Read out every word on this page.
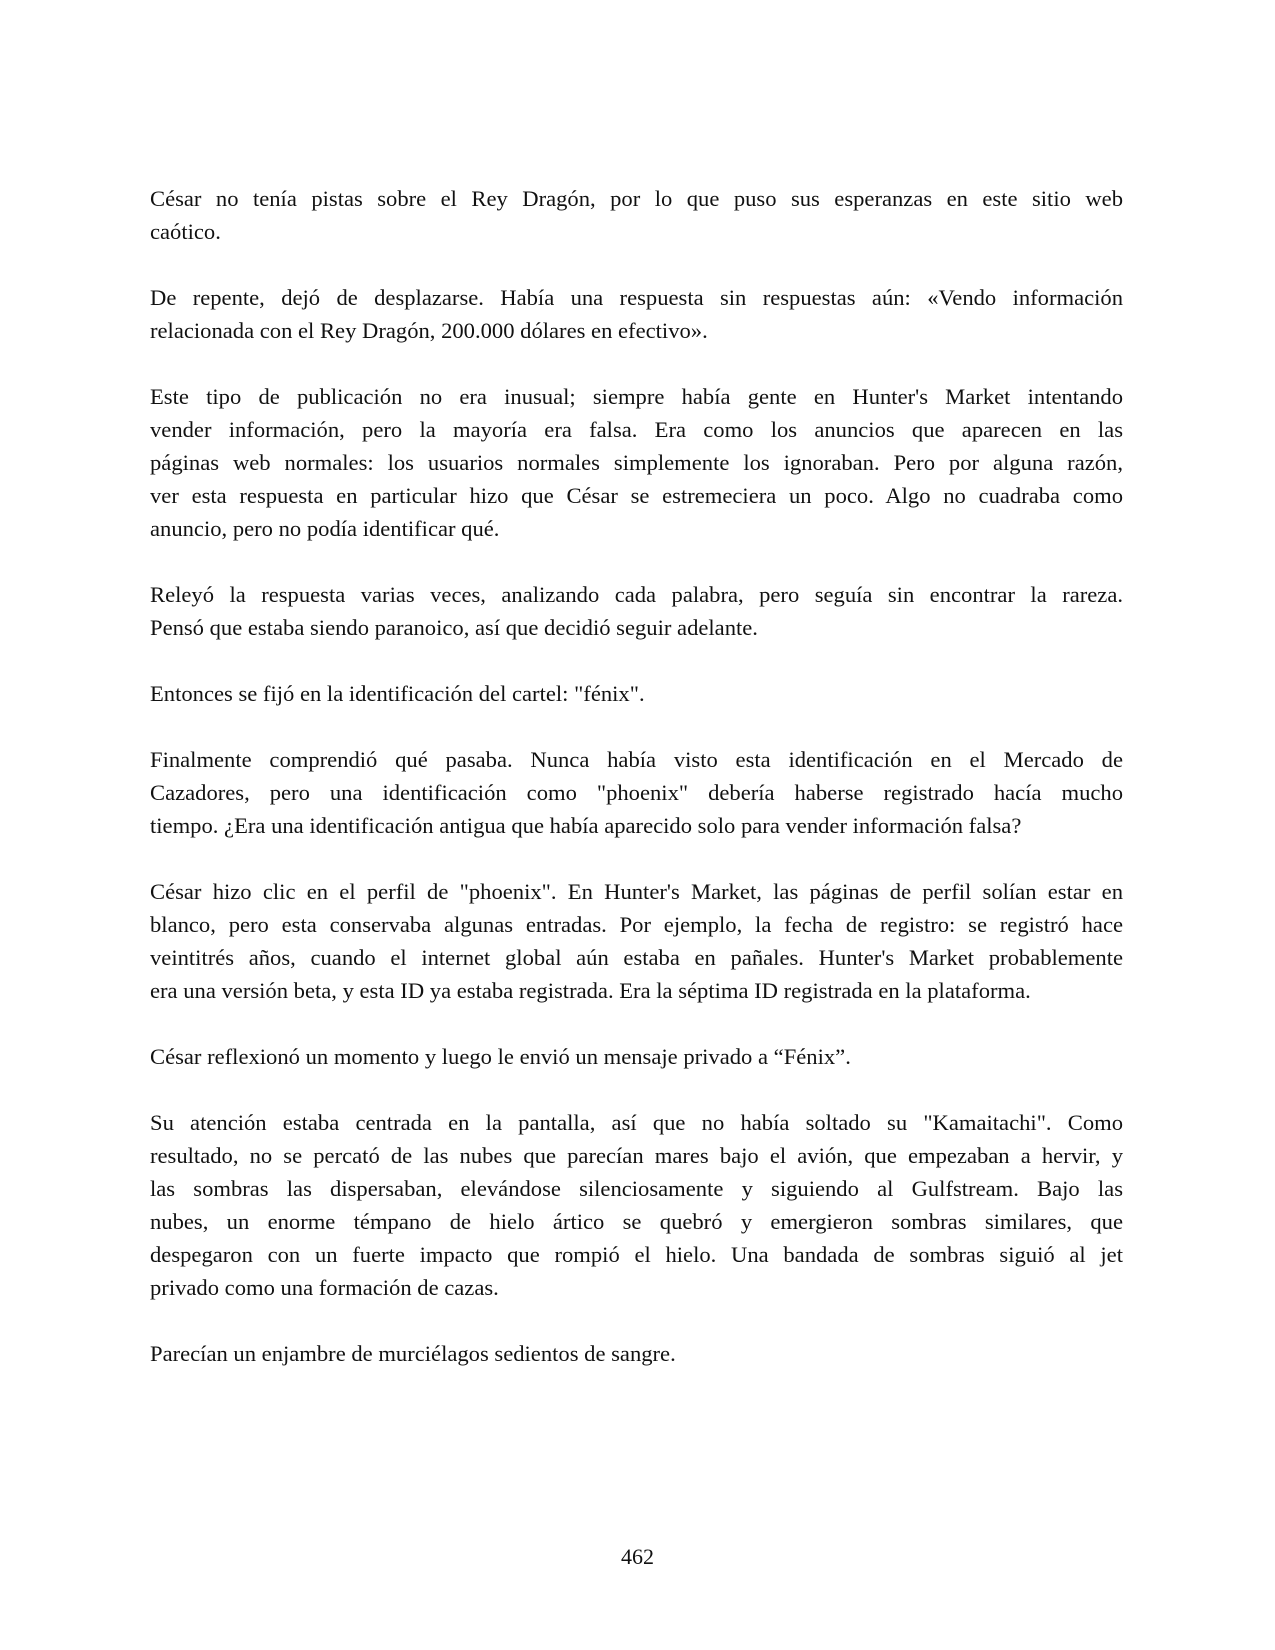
César no tenía pistas sobre el Rey Dragón, por lo que puso sus esperanzas en este sitio web
caótico.

De repente, dejó de desplazarse. Había una respuesta sin respuestas aún: «Vendo información
relacionada con el Rey Dragón, 200.000 dólares en efectivo».

Este tipo de publicación no era inusual; siempre había gente en Hunter's Market intentando
vender información, pero la mayoría era falsa. Era como los anuncios que aparecen en las
páginas web normales: los usuarios normales simplemente los ignoraban. Pero por alguna razón,
ver esta respuesta en particular hizo que César se estremeciera un poco. Algo no cuadraba como
anuncio, pero no podía identificar qué.

Releyó la respuesta varias veces, analizando cada palabra, pero seguía sin encontrar la rareza.
Pensó que estaba siendo paranoico, así que decidió seguir adelante.

Entonces se fijó en la identificación del cartel: "fénix".

Finalmente comprendió qué pasaba. Nunca había visto esta identificación en el Mercado de
Cazadores, pero una identificación como "phoenix" debería haberse registrado hacía mucho
tiempo. ¿Era una identificación antigua que había aparecido solo para vender información falsa?

César hizo clic en el perfil de "phoenix". En Hunter's Market, las páginas de perfil solían estar en
blanco, pero esta conservaba algunas entradas. Por ejemplo, la fecha de registro: se registró hace
veintitrés años, cuando el internet global aún estaba en pañales. Hunter's Market probablemente
era una versión beta, y esta ID ya estaba registrada. Era la séptima ID registrada en la plataforma.

César reflexionó un momento y luego le envió un mensaje privado a “Fénix”.

Su atención estaba centrada en la pantalla, así que no había soltado su "Kamaitachi". Como
resultado, no se percató de las nubes que parecían mares bajo el avión, que empezaban a hervir, y
las sombras las dispersaban, elevándose silenciosamente y siguiendo al Gulfstream. Bajo las
nubes, un enorme témpano de hielo ártico se quebró y emergieron sombras similares, que
despegaron con un fuerte impacto que rompió el hielo. Una bandada de sombras siguió al jet
privado como una formación de cazas.

Parecían un enjambre de murciélagos sedientos de sangre.

462
